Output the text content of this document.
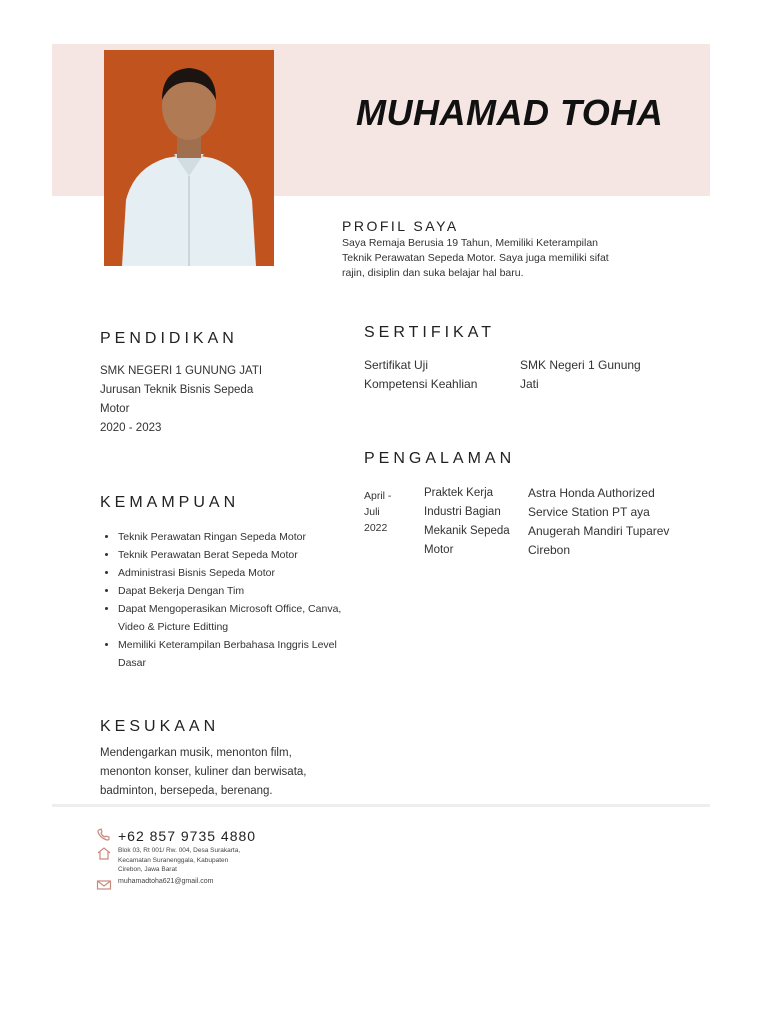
MUHAMAD TOHA
PROFIL SAYA
Saya Remaja Berusia 19 Tahun, Memiliki Keterampilan
Teknik Perawatan Sepeda Motor. Saya juga memiliki sifat
rajin, disiplin dan suka belajar hal baru.
PENDIDIKAN
SMK NEGERI 1 GUNUNG JATI
Jurusan Teknik Bisnis Sepeda
Motor
2020 - 2023
KEMAMPUAN
• Teknik Perawatan Ringan Sepeda Motor
• Teknik Perawatan Berat Sepeda Motor
• Administrasi Bisnis Sepeda Motor
• Dapat Bekerja Dengan Tim
• Dapat Mengoperasikan Microsoft Office, Canva, Video & Picture Editting
• Memiliki Keterampilan Berbahasa Inggris Level Dasar
KESUKAAN
Mendengarkan musik, menonton film,
menonton konser, kuliner dan berwisata,
badminton, bersepeda, berenang.
SERTIFIKAT
Sertifikat Uji
Kompetensi Keahlian
SMK Negeri 1 Gunung
Jati
PENGALAMAN
April -
Juli
2022
Praktek Kerja
Industri Bagian
Mekanik Sepeda
Motor
Astra Honda Authorized
Service Station PT aya
Anugerah Mandiri Tuparev
Cirebon
+62 857 9735 4880
Blok 03, Rt 001/ Rw. 004, Desa Surakarta,
Kecamatan Suranenggala, Kabupaten
Cirebon, Jawa Barat
muhamadtoha621@gmail.com
